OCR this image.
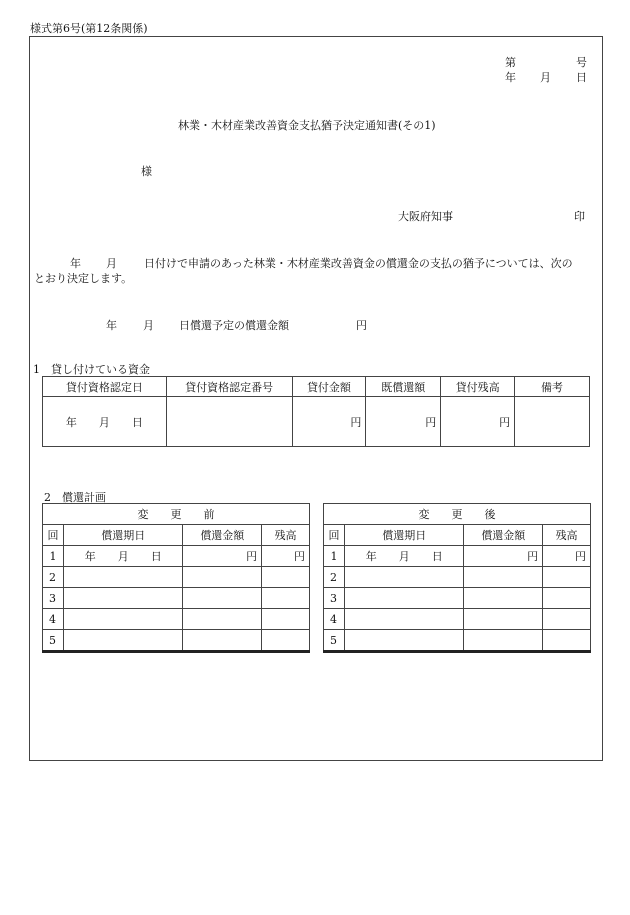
様式第6号(第12条関係)
第	号
年 月 日
林業・木材産業改善資金支払猶予決定通知書(その1)
様
大阪府知事	印
年 月 日付けで申請のあった林業・木材産業改善資金の償還金の支払の猶予については、次の
とおり決定します。
年 月 日償還予定の償還金額	円
1　貸し付けている資金
貸付資格認定日	貸付資格認定番号	貸付金額	既償還額	貸付残高	備考
年   月   日		円	円	円	
2　償還計画
変　　更　　前			
回	償還期日	償還金額	残高
1	年   月   日	円	円
2			
3			
4			
5			
変　　更　　後			
回	償還期日	償還金額	残高
1	年   月   日	円	円
2			
3			
4			
5			
